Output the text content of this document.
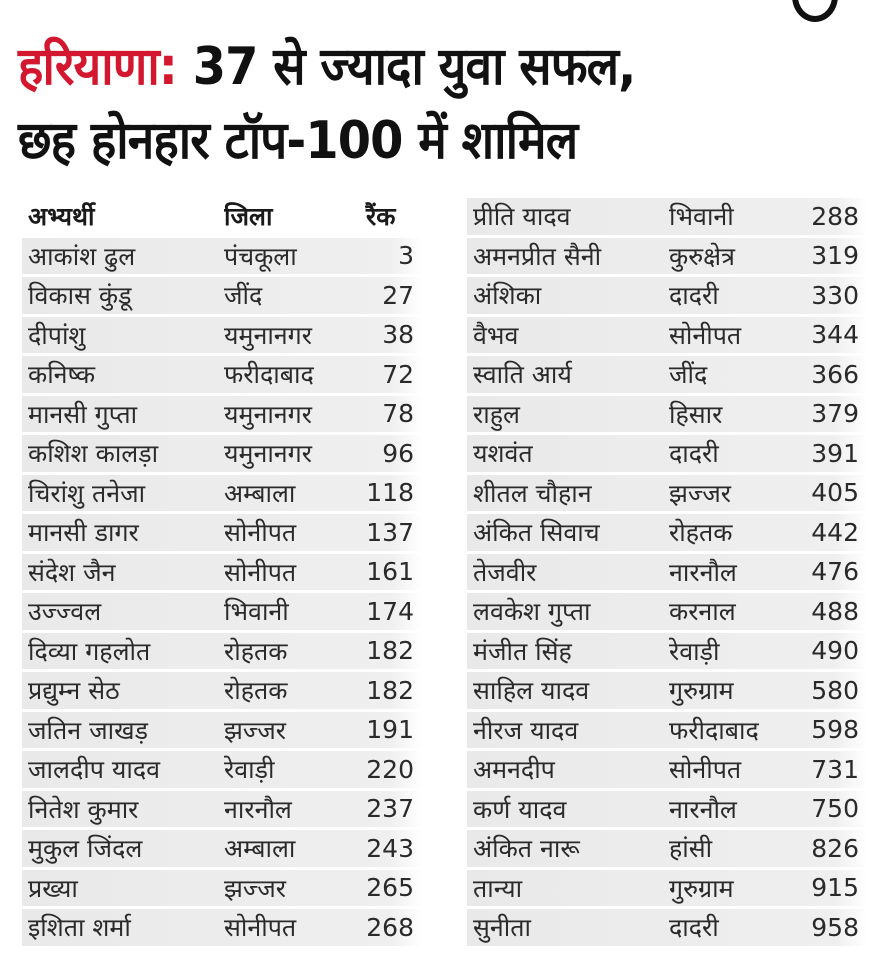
हरियाणा: 37 से ज्यादा युवा सफल,
छह होनहार टॉप-100 में शामिल
अभ्यर्थी	जिला	रैंक
आकांश ढुल	पंचकूला	3
विकास कुंडू	जींद	27
दीपांशु	यमुनानगर	38
कनिष्क	फरीदाबाद	72
मानसी गुप्ता	यमुनानगर	78
कशिश कालड़ा	यमुनानगर	96
चिरांशु तनेजा	अम्बाला	118
मानसी डागर	सोनीपत	137
संदेश जैन	सोनीपत	161
उज्ज्वल	भिवानी	174
दिव्या गहलोत	रोहतक	182
प्रद्युम्न सेठ	रोहतक	182
जतिन जाखड़	झज्जर	191
जालदीप यादव	रेवाड़ी	220
नितेश कुमार	नारनौल	237
मुकुल जिंदल	अम्बाला	243
प्रख्या	झज्जर	265
इशिता शर्मा	सोनीपत	268
प्रीति यादव	भिवानी	288
अमनप्रीत सैनी	कुरुक्षेत्र	319
अंशिका	दादरी	330
वैभव	सोनीपत	344
स्वाति आर्य	जींद	366
राहुल	हिसार	379
यशवंत	दादरी	391
शीतल चौहान	झज्जर	405
अंकित सिवाच	रोहतक	442
तेजवीर	नारनौल	476
लवकेश गुप्ता	करनाल	488
मंजीत सिंह	रेवाड़ी	490
साहिल यादव	गुरुग्राम	580
नीरज यादव	फरीदाबाद	598
अमनदीप	सोनीपत	731
कर्ण यादव	नारनौल	750
अंकित नारू	हांसी	826
तान्या	गुरुग्राम	915
सुनीता	दादरी	958
